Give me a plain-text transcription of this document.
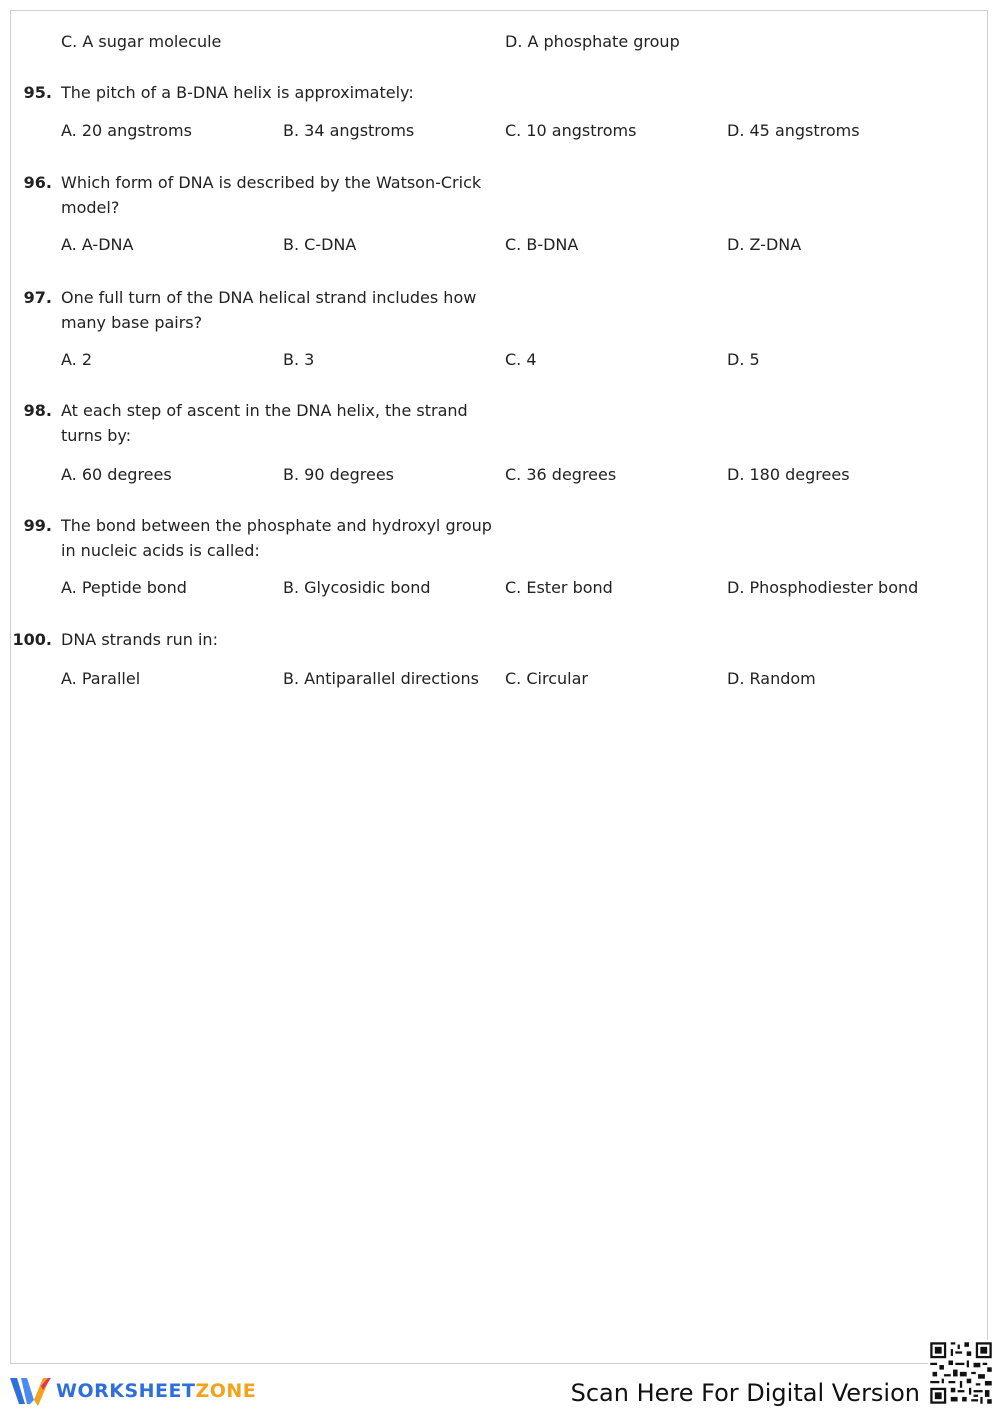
C. A sugar molecule	D. A phosphate group
95. The pitch of a B-DNA helix is approximately:
A. 20 angstroms	B. 34 angstroms	C. 10 angstroms	D. 45 angstroms
96. Which form of DNA is described by the Watson-Crick model?
A. A-DNA	B. C-DNA	C. B-DNA	D. Z-DNA
97. One full turn of the DNA helical strand includes how many base pairs?
A. 2	B. 3	C. 4	D. 5
98. At each step of ascent in the DNA helix, the strand turns by:
A. 60 degrees	B. 90 degrees	C. 36 degrees	D. 180 degrees
99. The bond between the phosphate and hydroxyl group in nucleic acids is called:
A. Peptide bond	B. Glycosidic bond	C. Ester bond	D. Phosphodiester bond
100. DNA strands run in:
A. Parallel	B. Antiparallel directions C. Circular	D. Random
WORKSHEETZONE	Scan Here For Digital Version
